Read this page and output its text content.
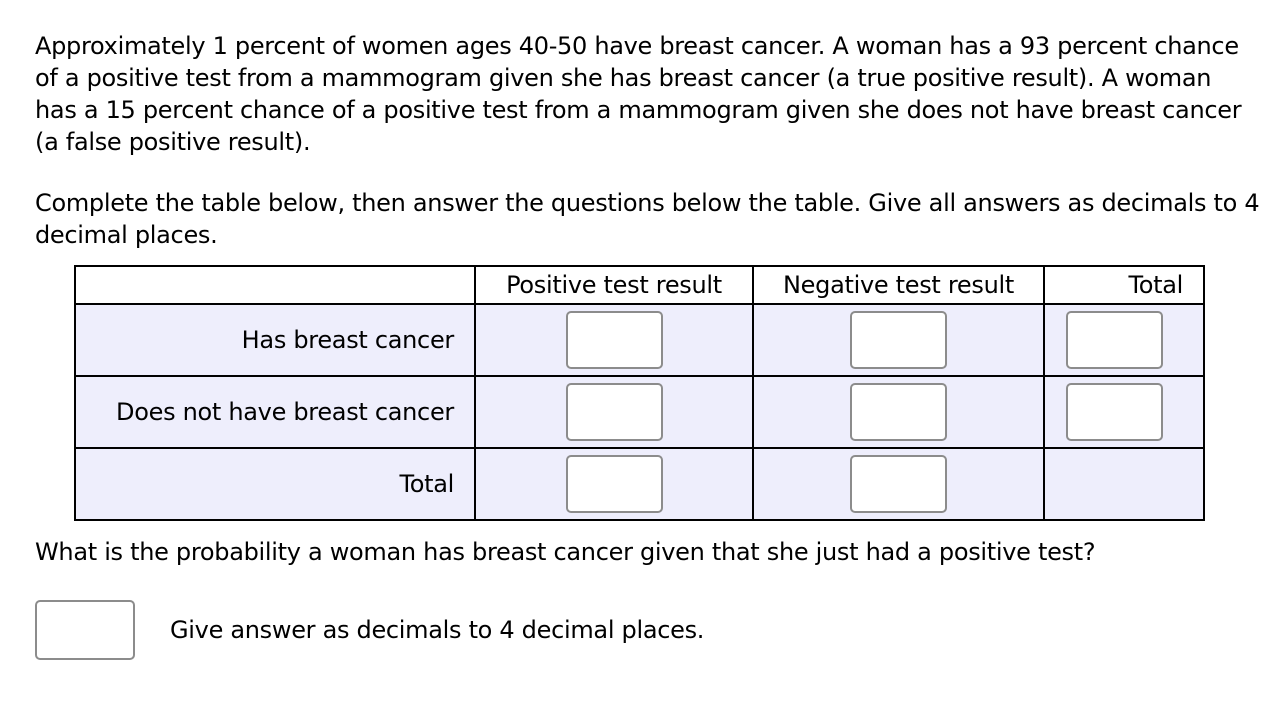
Approximately 1 percent of women ages 40-50 have breast cancer. A woman has a 93 percent chance of a positive test from a mammogram given she has breast cancer (a true positive result). A woman has a 15 percent chance of a positive test from a mammogram given she does not have breast cancer (a false positive result).

Complete the table below, then answer the questions below the table. Give all answers as decimals to 4 decimal places.

	Positive test result	Negative test result	Total
Has breast cancer			
Does not have breast cancer			
Total			

What is the probability a woman has breast cancer given that she just had a positive test?

Give answer as decimals to 4 decimal places.
